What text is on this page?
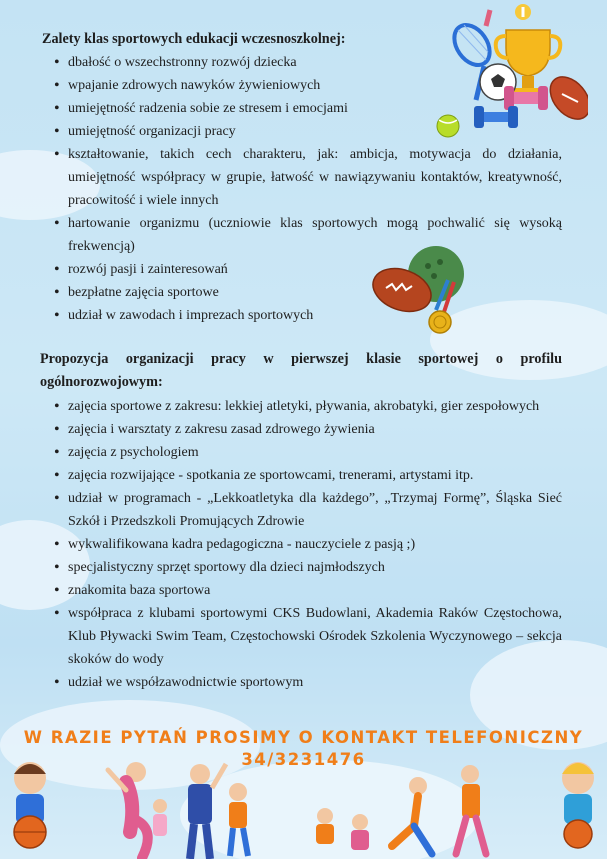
Zalety klas sportowych edukacji wczesnoszkolnej:
• dbałość o wszechstronny rozwój dziecka
• wpajanie zdrowych nawyków żywieniowych
• umiejętność radzenia sobie ze stresem i emocjami
• umiejętność organizacji pracy
• kształtowanie, takich cech charakteru, jak: ambicja, motywacja do działania, umiejętność współpracy w grupie, łatwość w nawiązywaniu kontaktów, kreatywność, pracowitość i wiele innych
• hartowanie organizmu (uczniowie klas sportowych mogą pochwalić się wysoką frekwencją)
• rozwój pasji i zainteresowań
• bezpłatne zajęcia sportowe
• udział w zawodach i imprezach sportowych
Propozycja organizacji pracy w pierwszej klasie sportowej o profilu ogólnorozwojowym:
• zajęcia sportowe z zakresu: lekkiej atletyki, pływania, akrobatyki, gier zespołowych
• zajęcia i warsztaty z zakresu zasad zdrowego żywienia
• zajęcia z psychologiem
• zajęcia rozwijające - spotkania ze sportowcami, trenerami, artystami itp.
• udział w programach - „Lekkoatletyka dla każdego”, „Trzymaj Formę”, Śląska Sieć Szkół i Przedszkoli Promujących Zdrowie
• wykwalifikowana kadra pedagogiczna - nauczyciele z pasją ;)
• specjalistyczny sprzęt sportowy dla dzieci najmłodszych
• znakomita baza sportowa
• współpraca z klubami sportowymi CKS Budowlani, Akademia Raków Częstochowa, Klub Pływacki Swim Team, Częstochowski Ośrodek Szkolenia Wyczynowego – sekcja skoków do wody
• udział we współzawodnictwie sportowym
W RAZIE PYTAŃ PROSIMY O KONTAKT TELEFONICZNY
34/3231476
